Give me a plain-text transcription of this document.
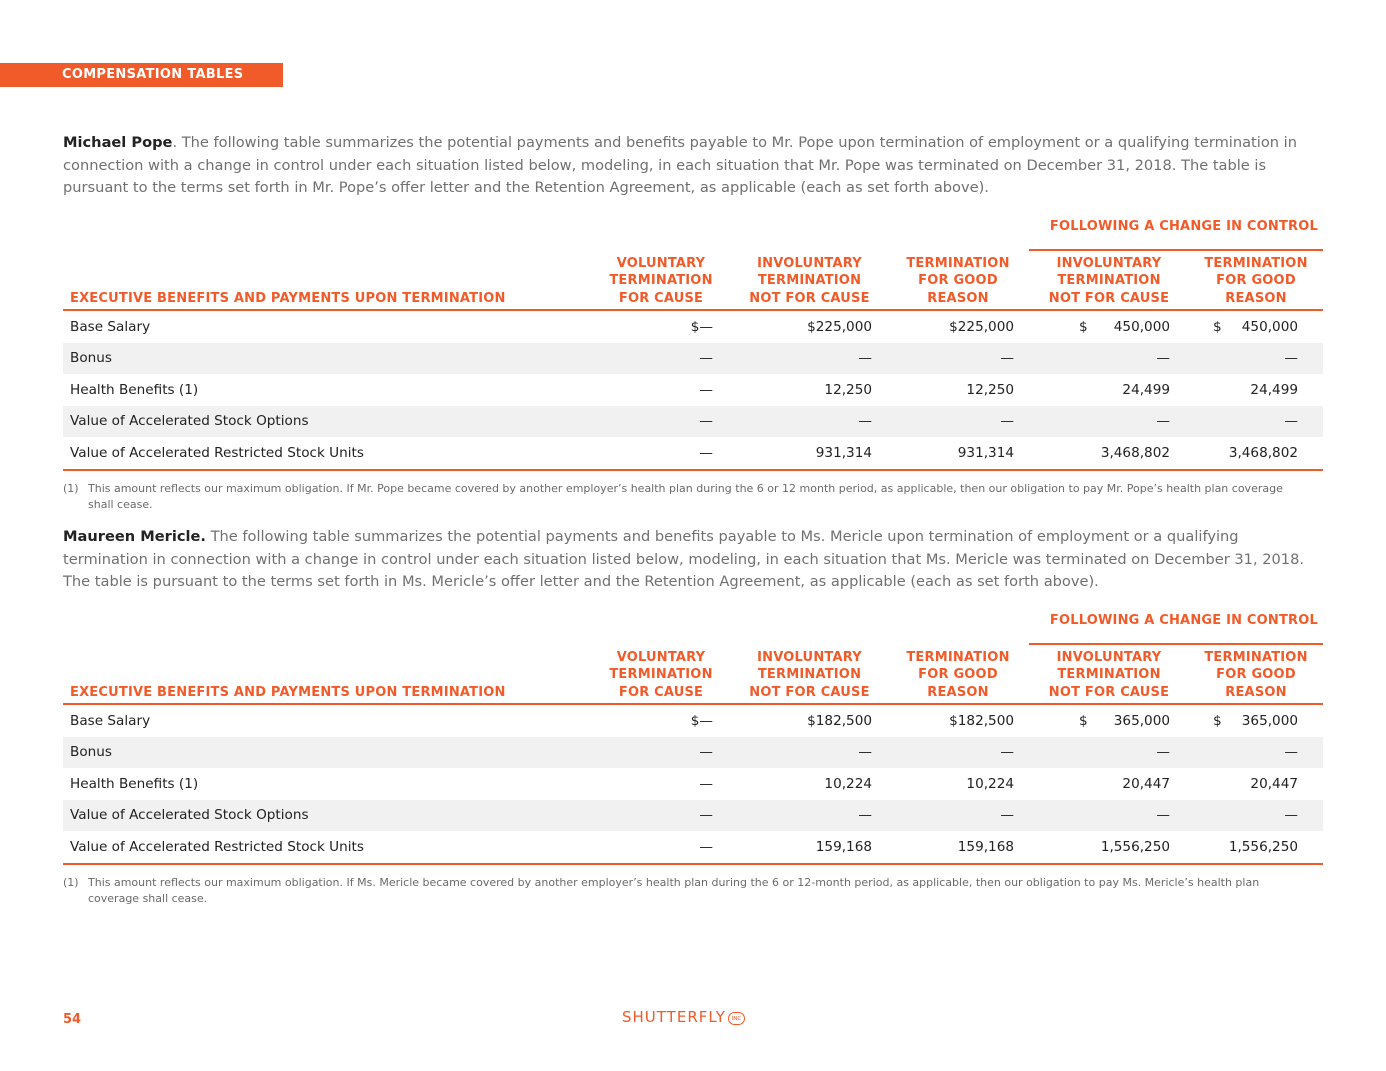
COMPENSATION TABLES

Michael Pope. The following table summarizes the potential payments and benefits payable to Mr. Pope upon termination of employment or a qualifying termination in connection with a change in control under each situation listed below, modeling, in each situation that Mr. Pope was terminated on December 31, 2018. The table is pursuant to the terms set forth in Mr. Pope’s offer letter and the Retention Agreement, as applicable (each as set forth above).

				FOLLOWING A CHANGE IN CONTROL	
EXECUTIVE BENEFITS AND PAYMENTS UPON TERMINATION	VOLUNTARY
TERMINATION
FOR CAUSE	INVOLUNTARY
TERMINATION
NOT FOR CAUSE	TERMINATION
FOR GOOD
REASON	INVOLUNTARY
TERMINATION
NOT FOR CAUSE	TERMINATION
FOR GOOD
REASON
Base Salary	$—	$225,000	$225,000	$ 450,000	$ 450,000
Bonus	—	—	—	—	—
Health Benefits (1)	—	12,250	12,250	24,499	24,499
Value of Accelerated Stock Options	—	—	—	—	—
Value of Accelerated Restricted Stock Units	—	931,314	931,314	3,468,802	3,468,802
(1) This amount reflects our maximum obligation. If Mr. Pope became covered by another employer’s health plan during the 6 or 12 month period, as applicable, then our obligation to pay Mr. Pope’s health plan coverage shall cease.

Maureen Mericle. The following table summarizes the potential payments and benefits payable to Ms. Mericle upon termination of employment or a qualifying termination in connection with a change in control under each situation listed below, modeling, in each situation that Ms. Mericle was terminated on December 31, 2018. The table is pursuant to the terms set forth in Ms. Mericle’s offer letter and the Retention Agreement, as applicable (each as set forth above).

				FOLLOWING A CHANGE IN CONTROL	
EXECUTIVE BENEFITS AND PAYMENTS UPON TERMINATION	VOLUNTARY
TERMINATION
FOR CAUSE	INVOLUNTARY
TERMINATION
NOT FOR CAUSE	TERMINATION
FOR GOOD
REASON	INVOLUNTARY
TERMINATION
NOT FOR CAUSE	TERMINATION
FOR GOOD
REASON
Base Salary	$—	$182,500	$182,500	$ 365,000	$ 365,000
Bonus	—	—	—	—	—
Health Benefits (1)	—	10,224	10,224	20,447	20,447
Value of Accelerated Stock Options	—	—	—	—	—
Value of Accelerated Restricted Stock Units	—	159,168	159,168	1,556,250	1,556,250
(1) This amount reflects our maximum obligation. If Ms. Mericle became covered by another employer’s health plan during the 6 or 12-month period, as applicable, then our obligation to pay Ms. Mericle’s health plan coverage shall cease.
54	SHUTTERFLY INC
